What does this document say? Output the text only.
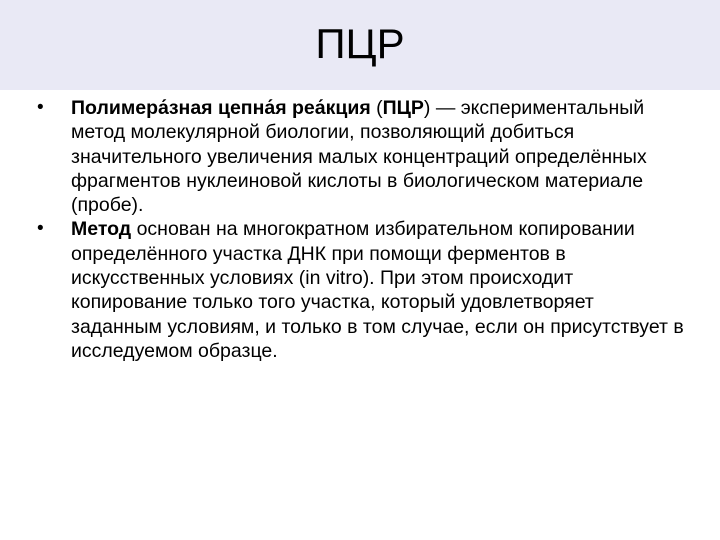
ПЦР
• Полимера́зная цепна́я реа́кция (ПЦР) — экспериментальный метод молекулярной биологии, позволяющий добиться значительного увеличения малых концентраций определённых фрагментов нуклеиновой кислоты в биологическом материале (пробе).
• Метод основан на многократном избирательном копировании определённого участка ДНК при помощи ферментов в искусственных условиях (in vitro). При этом происходит копирование только того участка, который удовлетворяет заданным условиям, и только в том случае, если он присутствует в исследуемом образце.
